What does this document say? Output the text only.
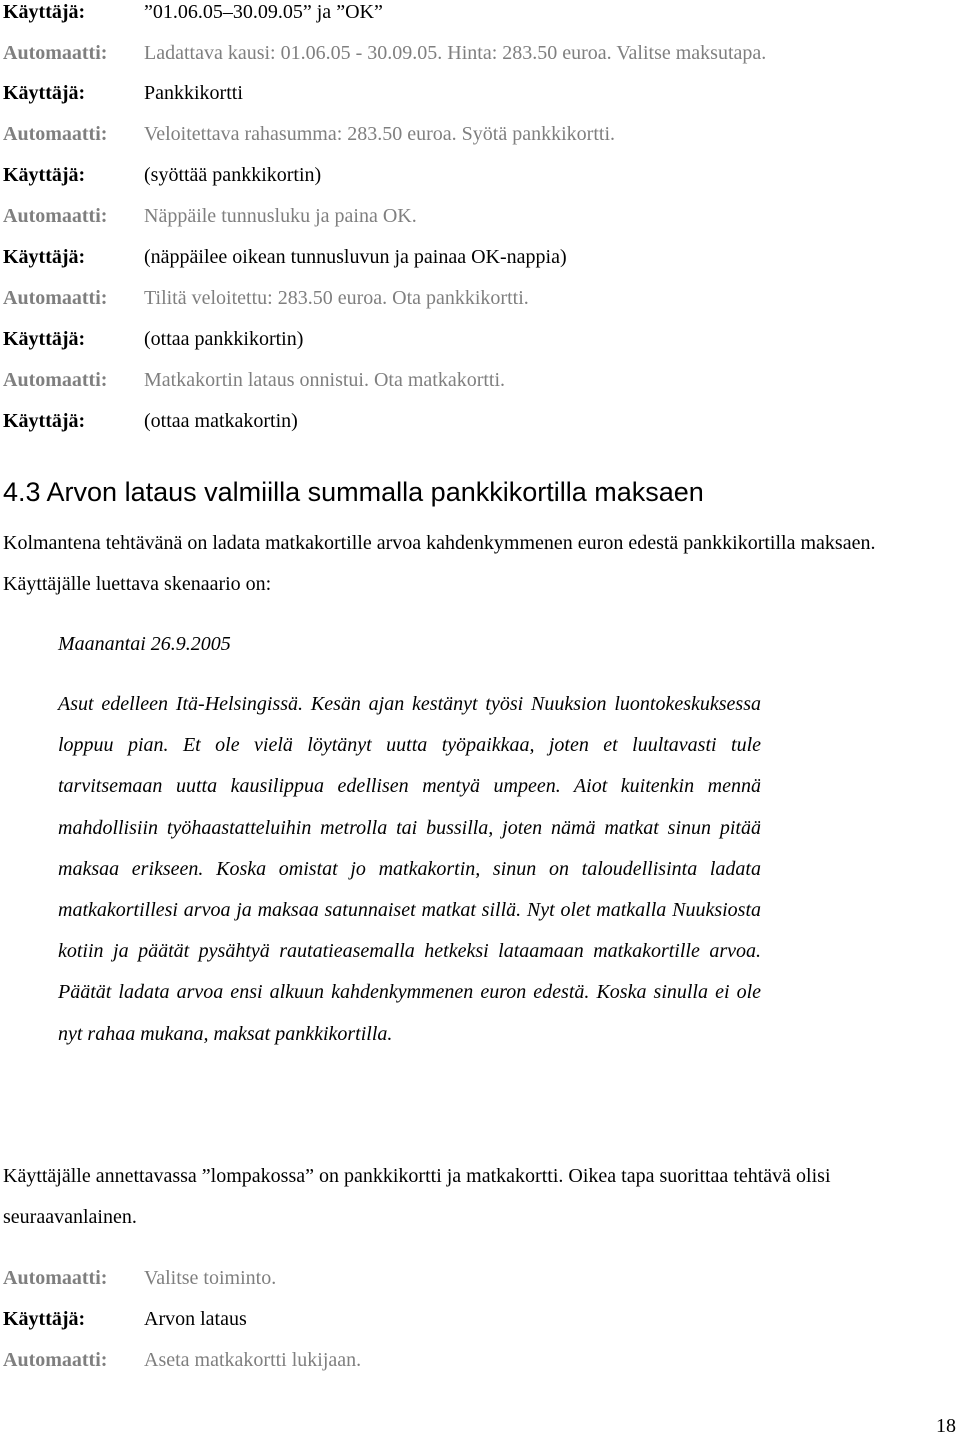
Käyttäjä:	”01.06.05–30.09.05” ja ”OK”
Automaatti: Ladattava kausi: 01.06.05 - 30.09.05. Hinta: 283.50 euroa. Valitse maksutapa.
Käyttäjä:	Pankkikortti
Automaatti: Veloitettava rahasumma: 283.50 euroa. Syötä pankkikortti.
Käyttäjä:	(syöttää pankkikortin)
Automaatti: Näppäile tunnusluku ja paina OK.
Käyttäjä:	(näppäilee oikean tunnusluvun ja painaa OK-nappia)
Automaatti: Tilitä veloitettu: 283.50 euroa. Ota pankkikortti.
Käyttäjä:	(ottaa pankkikortin)
Automaatti: Matkakortin lataus onnistui. Ota matkakortti.
Käyttäjä:	(ottaa matkakortin)
4.3 Arvon lataus valmiilla summalla pankkikortilla maksaen
Kolmantena tehtävänä on ladata matkakortille arvoa kahdenkymmenen euron edestä pankkikortilla maksaen. Käyttäjälle luettava skenaario on:
Maanantai 26.9.2005
Asut edelleen Itä-Helsingissä. Kesän ajan kestänyt työsi Nuuksion luontokeskuksessa loppuu pian. Et ole vielä löytänyt uutta työpaikkaa, joten et luultavasti tule tarvitsemaan uutta kausilippua edellisen mentyä umpeen. Aiot kuitenkin mennä mahdollisiin työhaastatteluihin metrolla tai bussilla, joten nämä matkat sinun pitää maksaa erikseen. Koska omistat jo matkakortin, sinun on taloudellisinta ladata matkakortillesi arvoa ja maksaa satunnaiset matkat sillä. Nyt olet matkalla Nuuksiosta kotiin ja päätät pysähtyä rautatieasemalla hetkeksi lataamaan matkakortille arvoa. Päätät ladata arvoa ensi alkuun kahdenkymmenen euron edestä. Koska sinulla ei ole nyt rahaa mukana, maksat pankkikortilla.
Käyttäjälle annettavassa ”lompakossa” on pankkikortti ja matkakortti. Oikea tapa suorittaa tehtävä olisi seuraavanlainen.
Automaatti: Valitse toiminto.
Käyttäjä:	Arvon lataus
Automaatti: Aseta matkakortti lukijaan.
18
